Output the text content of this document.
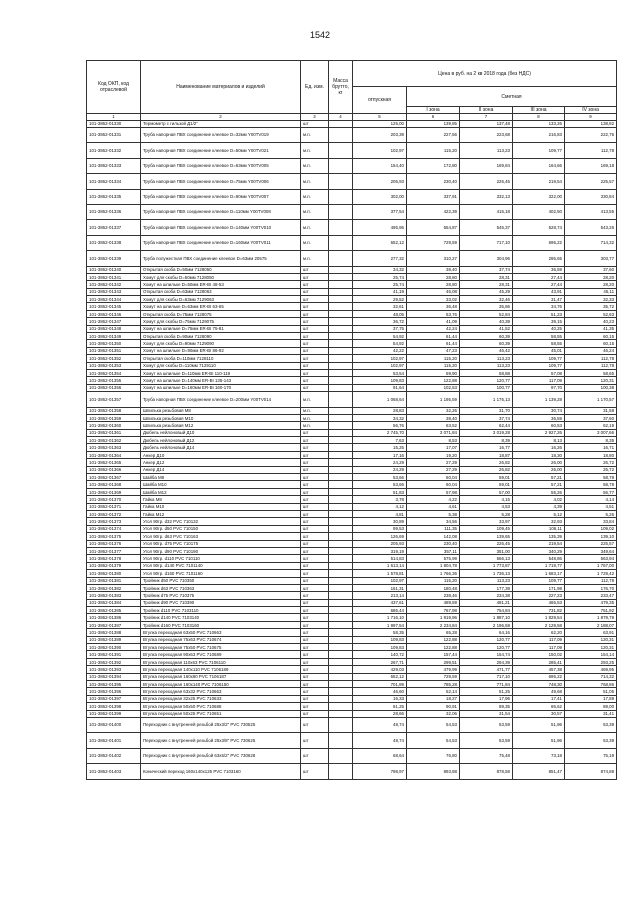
1542
Код ОКП, код отраслевой	Наименование материалов и изделий	Ед. изм.	Масса брутто, кг	Цена в руб. на 2 кв 2018 года (без НДС)				
				отпускная	Сметная			
					I зона	II зона	III зона	IV зона
1	2	3	4	5	6	7	8	9
101-3862-01330	Термометр с гильзой Д1/2"	шт		125,00	139,85	137,48	133,26	138,82
101-3862-01331	Труба напорная ПВХ соединение клеевое D=32мм Y00TV019	м.п.		203,39	227,56	223,68	216,83	222,76
101-3862-01332	Труба напорная ПВХ соединение клеевое D=50мм Y00TV021	м.п.		102,97	115,20	113,23	109,77	112,78
101-3862-01333	Труба напорная ПВХ соединение клеевое D=63мм Y00TV005	м.п.		154,40	172,80	169,84	164,66	169,18
101-3862-01334	Труба напорная ПВХ соединение клеевое D=75мм Y00TV006	м.п.		205,93	230,40	226,45	219,54	225,57
101-3862-01335	Труба напорная ПВХ соединение клеевое D=90мм Y00TV007	м.п.		302,00	337,91	332,13	322,00	330,84
101-3862-01336	Труба напорная ПВХ соединение клеевое D=110мм Y00TV008	м.п.		377,54	422,39	415,18	402,50	413,55
101-3862-01337	Труба напорная ПВХ соединение клеевое D=140мм Y00TV010	м.п.		495,95	554,87	545,37	528,74	543,26
101-3862-01338	Труба напорная ПВХ соединение клеевое D=160мм Y00TV011	м.п.		652,12	729,59	717,10	695,22	714,32
101-3862-01339	Труба полужесткая ПВХ соединение клеевое D=63мм 20575	м.п.		277,32	310,27	304,96	295,65	303,77
101-3862-01340	Открытая скоба D=50мм 7128050	шт		34,32	38,40	37,74	36,59	37,60
101-3862-01341	Хомут для скобы D=50мм 7128050	шт		25,74	28,80	28,31	27,44	28,20
101-3862-01342	Хомут на шпильке D=50мм ER-BI 48-53	шт		25,74	28,80	28,31	27,44	28,20
101-3862-01343	Открытая скоба D=63мм 7128063	шт		41,19	46,08	45,29	43,91	45,11
101-3862-01344	Хомут для скобы D=63мм 7129063	шт		29,52	33,02	32,46	31,47	32,33
101-3862-01345	Хомут на шпильке D=63мм ER-BI 63-65	шт		32,61	36,48	35,86	34,76	35,72
101-3862-01346	Открытая скоба D=75мм 7128075	шт		48,05	53,76	52,84	51,23	52,63
101-3862-01347	Хомут для скобы D=75мм 7129075	шт		36,72	41,09	40,39	39,15	40,23
101-3862-01348	Хомут на шпильке D=75мм ER-BI 75-81	шт		37,75	42,24	41,52	40,25	41,35
101-3862-01349	Открытая скоба D=90мм 7128090	шт		54,92	61,44	60,39	58,55	60,15
101-3862-01350	Хомут для скобы D=90мм 7129090	шт		54,92	61,44	60,39	58,55	60,15
101-3862-01351	Хомут на шпильке D=90мм ER-BI 86-92	шт		42,22	47,23	46,42	45,01	46,24
101-3862-01352	Открытая скоба D=110мм 7128110	шт		102,97	115,20	113,23	109,77	112,78
101-3862-01353	Хомут для скобы D=110мм 7129110	шт		102,97	115,20	113,23	109,77	112,78
101-3862-01354	Хомут на шпильке D=110мм ER-BI 110-119	шт		53,54	59,90	58,88	57,08	58,65
101-3862-01355	Хомут на шпильке D=140мм ER-BI 135-143	шт		109,83	122,88	120,77	117,09	120,31
101-3862-01356	Хомут на шпильке D=160мм ER-BI 160-170	шт		91,64	102,53	100,77	97,70	100,38
101-3862-01357	Труба напорная ПВХ соединение клеевое D=200мм Y00TV014	м.п.		1 068,64	1 195,59	1 175,13	1 139,28	1 170,57
101-3862-01358	Шпилька резьбовая М8	м.п.		28,83	32,26	31,70	30,74	31,58
101-3862-01359	Шпилька резьбовая М10	м.п.		34,32	38,40	37,74	36,59	37,60
101-3862-01360	Шпилька резьбовая М12	м.п.		56,76	63,52	62,44	60,53	62,19
101-3862-01361	Дюбель нейлоновый Д10	шт		2 745,70	3 071,84	3 019,28	2 927,26	3 007,66
101-3862-01362	Дюбель нейлоновый Д12	шт		7,63	8,53	8,39	8,13	8,35
101-3862-01363	Дюбель нейлоновый Д14	шт		15,25	17,07	16,77	16,26	16,71
101-3862-01364	Анкер Д10	шт		17,16	19,20	18,87	18,30	18,80
101-3862-01365	Анкер Д12	шт		24,29	27,29	26,82	26,00	26,72
101-3862-01366	Анкер Д14	шт		24,29	27,29	26,82	26,00	26,72
101-3862-01367	Шайба М8	шт		53,66	60,04	59,01	57,21	58,78
101-3862-01368	Шайба М10	шт		53,66	60,04	59,01	57,21	58,78
101-3862-01369	Шайба М12	шт		51,83	57,98	57,00	55,26	56,77
101-3862-01370	Гайка М8	шт		3,78	4,22	4,15	4,02	4,14
101-3862-01371	Гайка М10	шт		4,12	4,61	4,53	4,39	4,51
101-3862-01372	Гайка М12	шт		4,81	5,38	5,28	5,12	5,26
101-3862-01373	Угол 90гр. d32 PVC 710132	шт		30,89	34,56	33,97	32,93	33,84
101-3862-01374	Угол 90гр. d50 PVC 710150	шт		99,53	111,35	109,45	106,11	109,02
101-3862-01375	Угол 90гр. d63 PVC 710163	шт		126,69	142,08	139,65	135,39	139,10
101-3862-01376	Угол 90гр. d75 PVC 710175	шт		205,93	230,40	226,45	219,54	225,57
101-3862-01377	Угол 90гр. d90 PVC 710190	шт		319,19	357,11	351,00	340,29	349,64
101-3862-01378	Угол 90гр. d110 PVC 710110	шт		514,83	575,99	566,13	548,86	563,94
101-3862-01379	Угол 90гр. d140 PVC 7101140	шт		1 613,14	1 804,78	1 773,87	1 719,77	1 767,00
101-3862-01380	Угол 90гр. d160 PVC 7101160	шт		1 578,81	1 766,36	1 736,13	1 683,17	1 729,42
101-3862-01381	Тройник d50 PVC 710350	шт		102,97	115,20	113,23	109,77	112,78
101-3862-01382	Тройник d63 PVC 710363	шт		161,31	180,48	177,39	171,98	176,70
101-3862-01383	Тройник d75 PVC 710375	шт		213,14	238,46	234,38	227,23	233,47
101-3862-01384	Тройник d90 PVC 710390	шт		437,61	489,59	481,21	466,53	479,35
101-3862-01385	Тройник d110 PVC 7103110	шт		686,44	767,98	754,84	731,82	751,92
101-3862-01386	Тройник d140 PVC 7103140	шт		1 716,10	1 919,96	1 887,10	1 829,54	1 879,79
101-3862-01387	Тройник d160 PVC 7103160	шт		1 997,54	2 234,84	2 196,58	2 129,58	2 188,07
101-3862-01388	Втулка переходная 63x50 PVC 710663	шт		58,35	65,28	64,16	62,20	63,91
101-3862-01389	Втулка переходная 75x63 PVC 710674	шт		109,83	122,88	120,77	117,09	120,31
101-3862-01390	Втулка переходная 75x50 PVC 710675	шт		109,83	122,88	120,77	117,09	120,31
101-3862-01391	Втулка переходная 90x63 PVC 710689	шт		140,72	157,44	154,74	150,02	154,14
101-3862-01392	Втулка переходная 110x63 PVC 7106110	шт		267,71	299,51	294,39	285,41	293,25
101-3862-01393	Втулка переходная 140x110 PVC 7106189	шт		429,03	479,99	471,77	457,38	469,95
101-3862-01394	Втулка переходная 160x90 PVC 7106187	шт		652,12	729,59	717,10	695,22	714,32
101-3862-01395	Втулка переходная 160x140 PVC 7106150	шт		701,89	785,28	771,84	748,30	768,86
101-3862-01396	Втулка переходная 63x32 PVC 710663	шт		46,60	52,14	51,25	49,68	51,05
101-3862-01397	Втулка переходная 32x25 PVC 710633	шт		16,33	18,27	17,96	17,41	17,89
101-3862-01398	Втулка переходная 50x50 PVC 710688	шт		81,25	90,91	89,35	86,62	89,00
101-3862-01399	Втулка переходная 50x25 PVC 710651	шт		28,66	32,06	31,54	30,57	31,41
101-3862-01400	Переходник с внутренней резьбой 25x3/2" PVC 730525	шт		48,74	54,53	53,59	51,96	53,39
101-3862-01401	Переходник с внутренней резьбой 25x3/8" PVC 730625	шт		48,74	54,53	53,59	51,96	53,39
101-3862-01402	Переходник с внутренней резьбой 63x5/2" PVC 730628	шт		68,64	76,80	75,48	73,18	75,19
101-3862-01403	Конический переход 160x140x125 PVC 7103160	шт		798,97	893,88	878,58	851,47	874,88
